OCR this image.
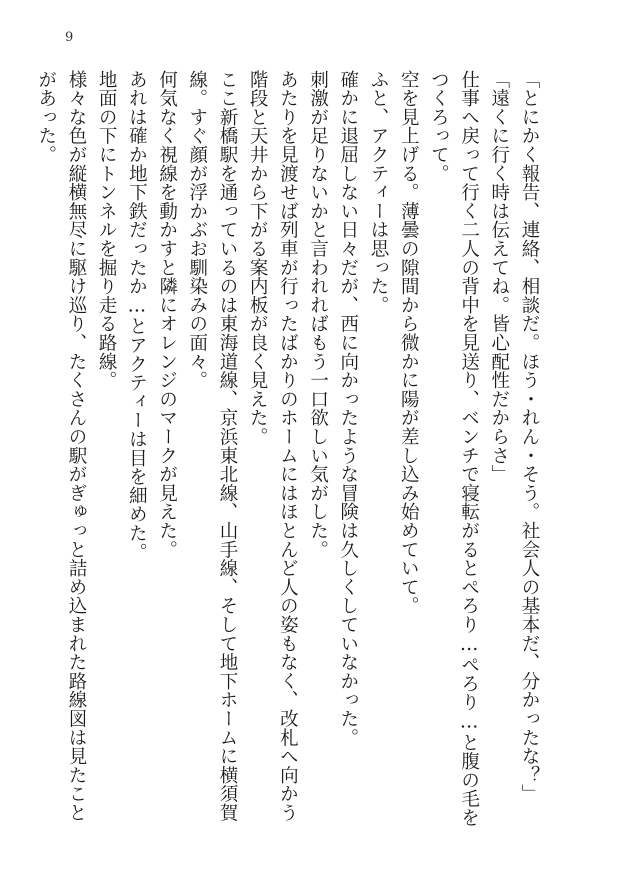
9
「とにかく報告、連絡、相談だ。ほう・れん・そう。社会人の基本だ、分かったな？」
「遠くに行く時は伝えてね。皆心配性だからさ」
仕事へ戻って行く二人の背中を見送り、ベンチで寝転がるとぺろり…ぺろり…と腹の毛を
つくろって。
空を見上げる。薄曇の隙間から微かに陽が差し込み始めていて。
ふと、アクティーは思った。
確かに退屈しない日々だが、西に向かったような冒険は久しくしていなかった。
刺激が足りないかと言われればもう一口欲しい気がした。
あたりを見渡せば列車が行ったばかりのホームにはほとんど人の姿もなく、改札へ向かう
階段と天井から下がる案内板が良く見えた。
ここ新橋駅を通っているのは東海道線、京浜東北線、山手線、そして地下ホームに横須賀
線。すぐ顔が浮かぶお馴染みの面々。
何気なく視線を動かすと隣にオレンジのマークが見えた。
あれは確か地下鉄だったか…とアクティーは目を細めた。
地面の下にトンネルを掘り走る路線。
様々な色が縦横無尽に駆け巡り、たくさんの駅がぎゅっと詰め込まれた路線図は見たこと
があった。
